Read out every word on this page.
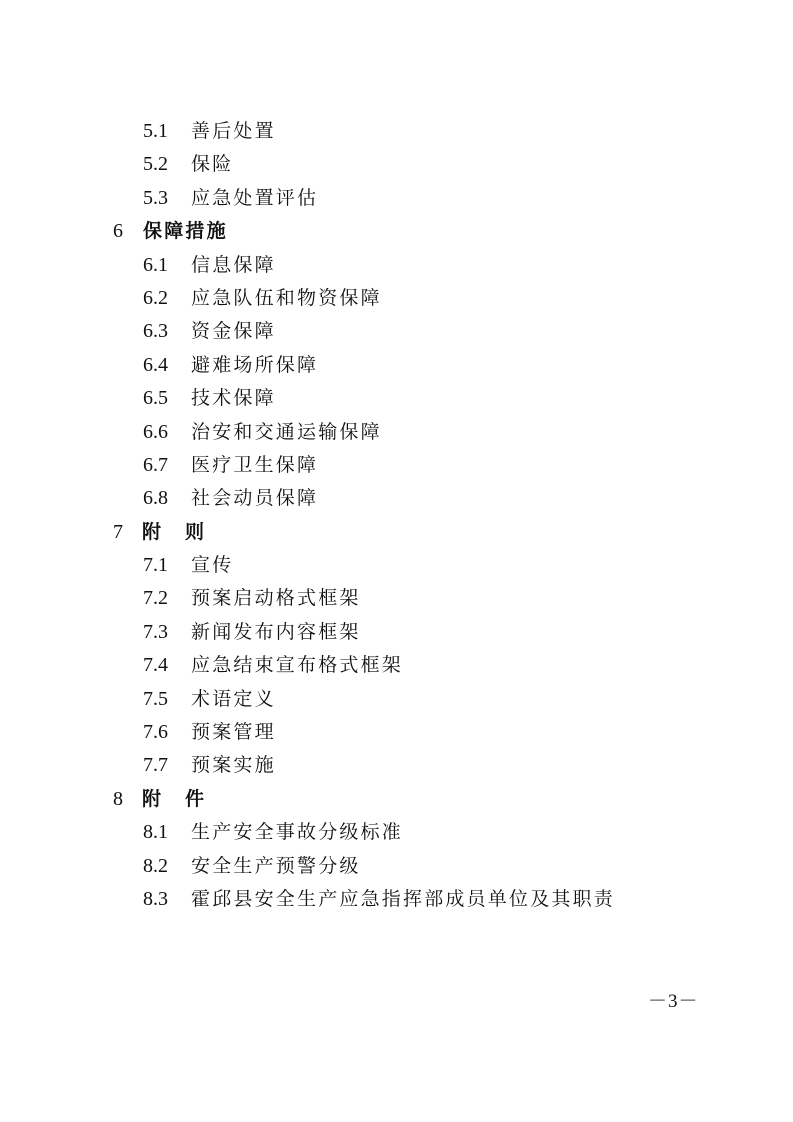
5.1 善后处置
5.2 保险
5.3 应急处置评估
6 保障措施
6.1 信息保障
6.2 应急队伍和物资保障
6.3 资金保障
6.4 避难场所保障
6.5 技术保障
6.6 治安和交通运输保障
6.7 医疗卫生保障
6.8 社会动员保障
7 附则
7.1 宣传
7.2 预案启动格式框架
7.3 新闻发布内容框架
7.4 应急结束宣布格式框架
7.5 术语定义
7.6 预案管理
7.7 预案实施
8 附件
8.1 生产安全事故分级标准
8.2 安全生产预警分级
8.3 霍邱县安全生产应急指挥部成员单位及其职责
－3－
